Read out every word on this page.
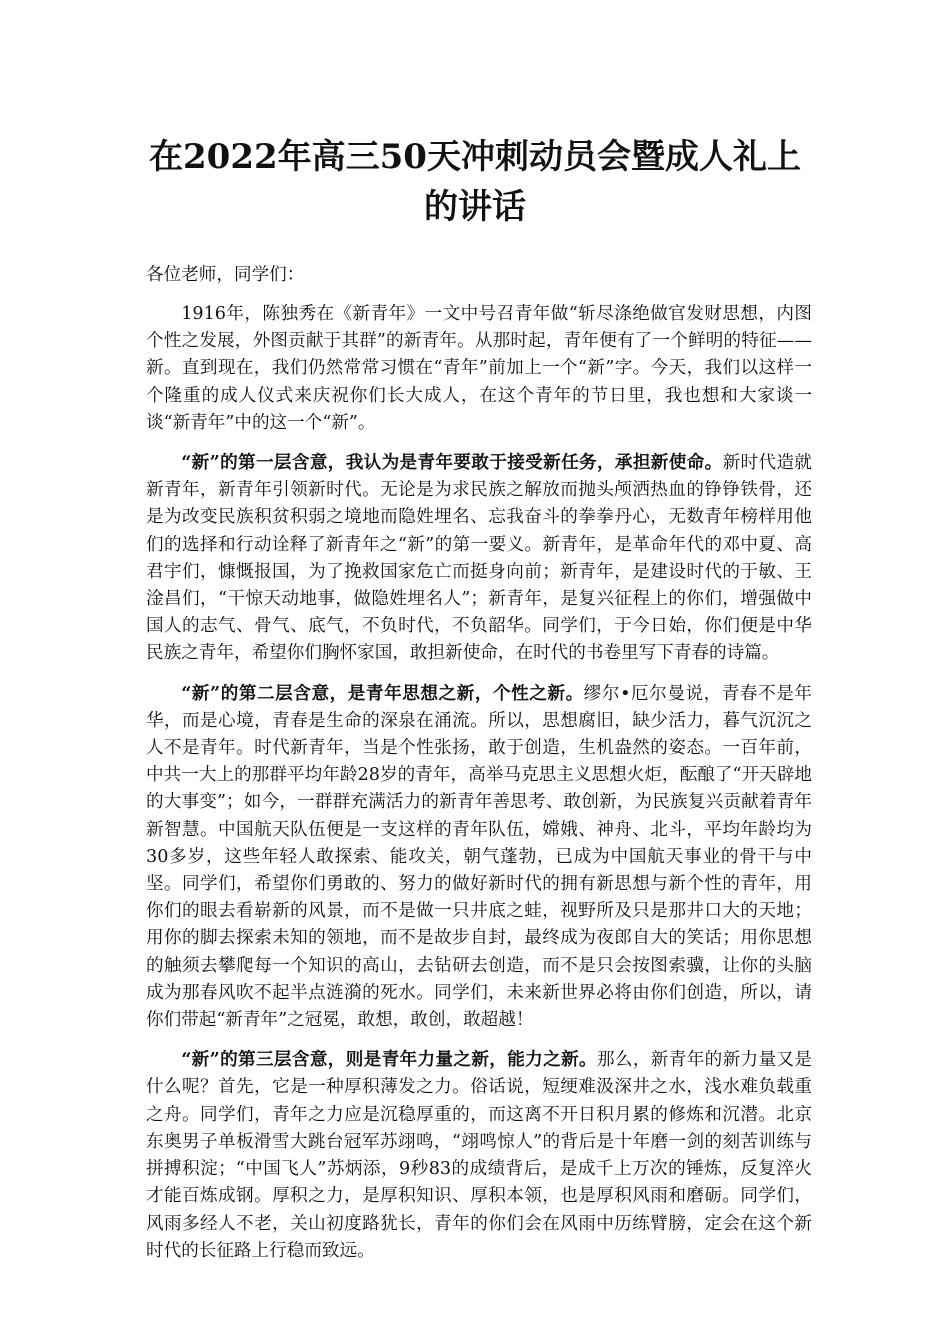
在2022年高三50天冲刺动员会暨成人礼上
的讲话

各位老师，同学们：

1916年，陈独秀在《新青年》一文中号召青年做“斩尽涤绝做官发财思想，内图个性之发展，外图贡献于其群”的新青年。从那时起，青年便有了一个鲜明的特征——新。直到现在，我们仍然常常习惯在“青年”前加上一个“新”字。今天，我们以这样一个隆重的成人仪式来庆祝你们长大成人，在这个青年的节日里，我也想和大家谈一谈“新青年”中的这一个“新”。

“新”的第一层含意，我认为是青年要敢于接受新任务，承担新使命。新时代造就新青年，新青年引领新时代。无论是为求民族之解放而抛头颅洒热血的铮铮铁骨，还是为改变民族积贫积弱之境地而隐姓埋名、忘我奋斗的拳拳丹心，无数青年榜样用他们的选择和行动诠释了新青年之“新”的第一要义。新青年，是革命年代的邓中夏、高君宇们，慷慨报国，为了挽救国家危亡而挺身向前；新青年，是建设时代的于敏、王淦昌们，“干惊天动地事，做隐姓埋名人”；新青年，是复兴征程上的你们，增强做中国人的志气、骨气、底气，不负时代，不负韶华。同学们，于今日始，你们便是中华民族之青年，希望你们胸怀家国，敢担新使命，在时代的书卷里写下青春的诗篇。

“新”的第二层含意，是青年思想之新，个性之新。缪尔•厄尔曼说，青春不是年华，而是心境，青春是生命的深泉在涌流。所以，思想腐旧，缺少活力，暮气沉沉之人不是青年。时代新青年，当是个性张扬，敢于创造，生机盎然的姿态。一百年前，中共一大上的那群平均年龄28岁的青年，高举马克思主义思想火炬，酝酿了“开天辟地的大事变”；如今，一群群充满活力的新青年善思考、敢创新，为民族复兴贡献着青年新智慧。中国航天队伍便是一支这样的青年队伍，嫦娥、神舟、北斗，平均年龄均为30多岁，这些年轻人敢探索、能攻关，朝气蓬勃，已成为中国航天事业的骨干与中坚。同学们，希望你们勇敢的、努力的做好新时代的拥有新思想与新个性的青年，用你们的眼去看崭新的风景，而不是做一只井底之蛙，视野所及只是那井口大的天地；用你的脚去探索未知的领地，而不是故步自封，最终成为夜郎自大的笑话；用你思想的触须去攀爬每一个知识的高山，去钻研去创造，而不是只会按图索骥，让你的头脑成为那春风吹不起半点涟漪的死水。同学们，未来新世界必将由你们创造，所以，请你们带起“新青年”之冠冕，敢想，敢创，敢超越！

“新”的第三层含意，则是青年力量之新，能力之新。那么，新青年的新力量又是什么呢？首先，它是一种厚积薄发之力。俗话说，短绠难汲深井之水，浅水难负载重之舟。同学们，青年之力应是沉稳厚重的，而这离不开日积月累的修炼和沉潜。北京东奥男子单板滑雪大跳台冠军苏翊鸣，“翊鸣惊人”的背后是十年磨一剑的刻苦训练与拼搏积淀；“中国飞人”苏炳添，9秒83的成绩背后，是成千上万次的锤炼，反复淬火才能百炼成钢。厚积之力，是厚积知识、厚积本领，也是厚积风雨和磨砺。同学们，风雨多经人不老，关山初度路犹长，青年的你们会在风雨中历练臂膀，定会在这个新时代的长征路上行稳而致远。
